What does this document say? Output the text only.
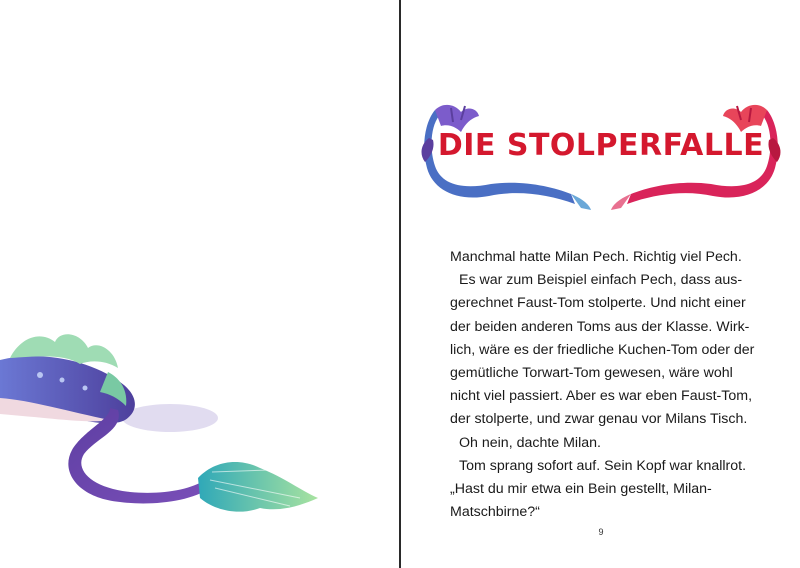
DIE STOLPERFALLE
Manchmal hatte Milan Pech. Richtig viel Pech.
Es war zum Beispiel einfach Pech, dass aus-
gerechnet Faust-Tom stolperte. Und nicht einer
der beiden anderen Toms aus der Klasse. Wirk-
lich, wäre es der friedliche Kuchen-Tom oder der
gemütliche Torwart-Tom gewesen, wäre wohl
nicht viel passiert. Aber es war eben Faust-Tom,
der stolperte, und zwar genau vor Milans Tisch.
Oh nein, dachte Milan.
Tom sprang sofort auf. Sein Kopf war knallrot.
„Hast du mir etwa ein Bein gestellt, Milan-
Matschbirne?“
9
